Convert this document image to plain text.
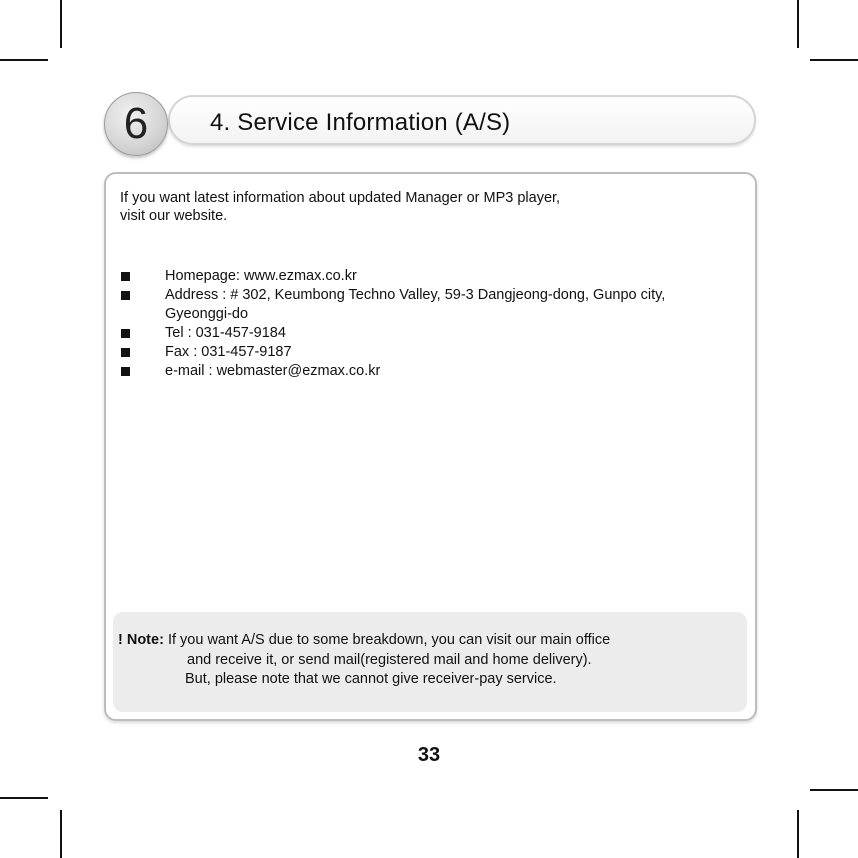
4. Service Information (A/S)
6
If you want latest information about updated Manager or MP3 player,
visit our website.
Homepage: www.ezmax.co.kr
Address : # 302, Keumbong Techno Valley, 59-3 Dangjeong-dong, Gunpo city,
Gyeonggi-do
Tel : 031-457-9184
Fax : 031-457-9187
e-mail : webmaster@ezmax.co.kr
! Note: If you want A/S due to some breakdown, you can visit our main office
and receive it, or send mail(registered mail and home delivery).
But, please note that we cannot give receiver-pay service.
33
